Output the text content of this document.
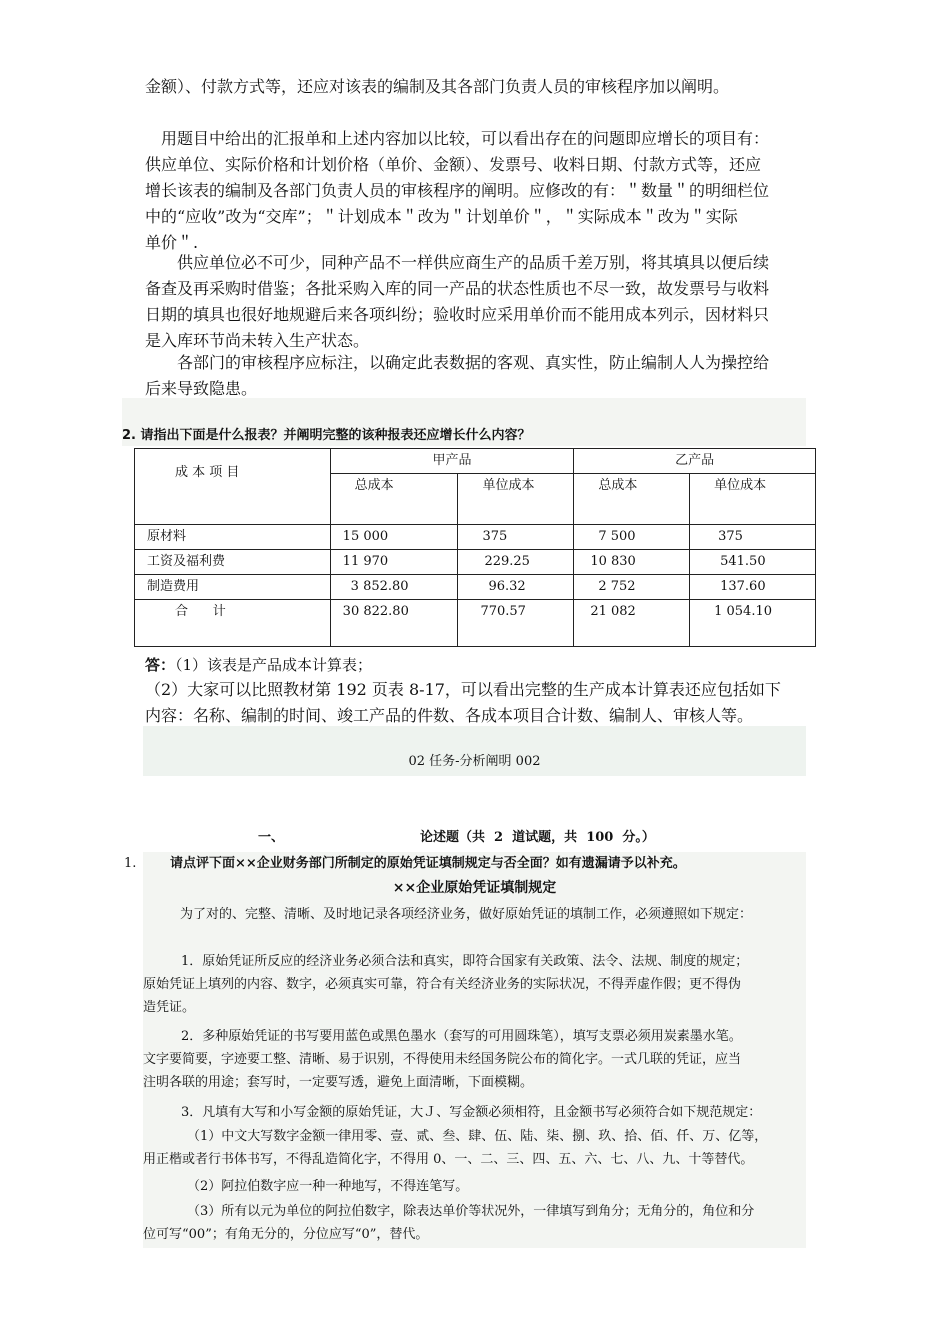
金额）、付款方式等，还应对该表的编制及其各部门负责人员的审核程序加以阐明。
用题目中给出的汇报单和上述内容加以比较，可以看出存在的问题即应增长的项目有：
供应单位、实际价格和计划价格（单价、金额）、发票号、收料日期、付款方式等，还应
增长该表的编制及各部门负责人员的审核程序的阐明。应修改的有：＂数量＂的明细栏位
中的“应收”改为“交库”；＂计划成本＂改为＂计划单价＂，＂实际成本＂改为＂实际
单价＂.
供应单位必不可少，同种产品不一样供应商生产的品质千差万别，将其填具以便后续
备查及再采购时借鉴；各批采购入库的同一产品的状态性质也不尽一致，故发票号与收料
日期的填具也很好地规避后来各项纠纷；验收时应采用单价而不能用成本列示，因材料只
是入库环节尚未转入生产状态。
各部门的审核程序应标注，以确定此表数据的客观、真实性，防止编制人人为操控给
后来导致隐患。
2. 请指出下面是什么报表？并阐明完整的该种报表还应增长什么内容？
成 本 项 目	甲产品		乙产品	
	总成本	单位成本	总成本	单位成本
原材料	15 000	375	7 500	375
工资及福利费	11 970	229.25	10 830	541.50
制造费用	3 852.80	96.32	2 752	137.60
合      计	30 822.80	770.57	21 082	1 054.10
答：（1）该表是产品成本计算表；
（2）大家可以比照教材第 192 页表 8-17，可以看出完整的生产成本计算表还应包括如下
内容：名称、编制的时间、竣工产品的件数、各成本项目合计数、编制人、审核人等。
02 任务-分析阐明 002
一、	论述题（共  2  道试题，共  100  分。）
1.	请点评下面××企业财务部门所制定的原始凭证填制规定与否全面？如有遗漏请予以补充。
××企业原始凭证填制规定
为了对的、完整、清晰、及时地记录各项经济业务，做好原始凭证的填制工作，必须遵照如下规定：
1．原始凭证所反应的经济业务必须合法和真实，即符合国家有关政策、法令、法规、制度的规定；
原始凭证上填列的内容、数字，必须真实可靠，符合有关经济业务的实际状况，不得弄虚作假；更不得伪
造凭证。
2．多种原始凭证的书写要用蓝色或黑色墨水（套写的可用圆珠笔），填写支票必须用炭素墨水笔。
文字要简要，字迹要工整、清晰、易于识别，不得使用未经国务院公布的简化字。一式几联的凭证，应当
注明各联的用途；套写时，一定要写透，避免上面清晰，下面模糊。
3．凡填有大写和小写金额的原始凭证，大Ｊ、写金额必须相符，且金额书写必须符合如下规范规定：
（1）中文大写数字金额一律用零、壹、贰、叁、肆、伍、陆、柒、捌、玖、拾、佰、仟、万、亿等，
用正楷或者行书体书写，不得乱造简化字，不得用 0、一、二、三、四、五、六、七、八、九、十等替代。
（2）阿拉伯数字应一种一种地写，不得连笔写。
（3）所有以元为单位的阿拉伯数字，除表达单价等状况外，一律填写到角分；无角分的，角位和分
位可写“00”；有角无分的，分位应写“0”，替代。
